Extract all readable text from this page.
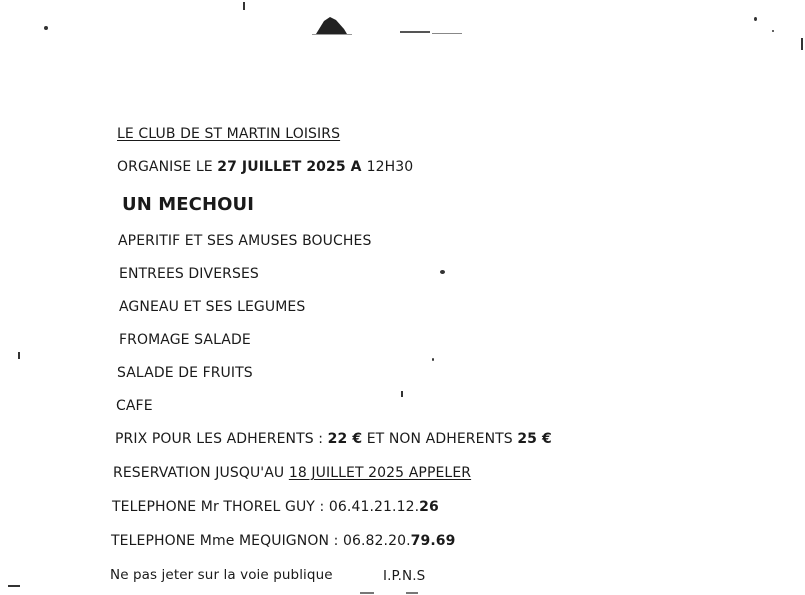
LE CLUB DE ST MARTIN LOISIRS
ORGANISE LE 27 JUILLET 2025 A 12H30
UN MECHOUI
APERITIF ET SES AMUSES BOUCHES
ENTREES DIVERSES
AGNEAU ET SES LEGUMES
FROMAGE SALADE
SALADE DE FRUITS
CAFE
PRIX POUR LES ADHERENTS : 22 € ET NON ADHERENTS 25 €
RESERVATION JUSQU'AU 18 JUILLET 2025 APPELER
TELEPHONE Mr THOREL GUY : 06.41.21.12.26
TELEPHONE Mme MEQUIGNON : 06.82.20.79.69
Ne pas jeter sur la voie publique	I.P.N.S
